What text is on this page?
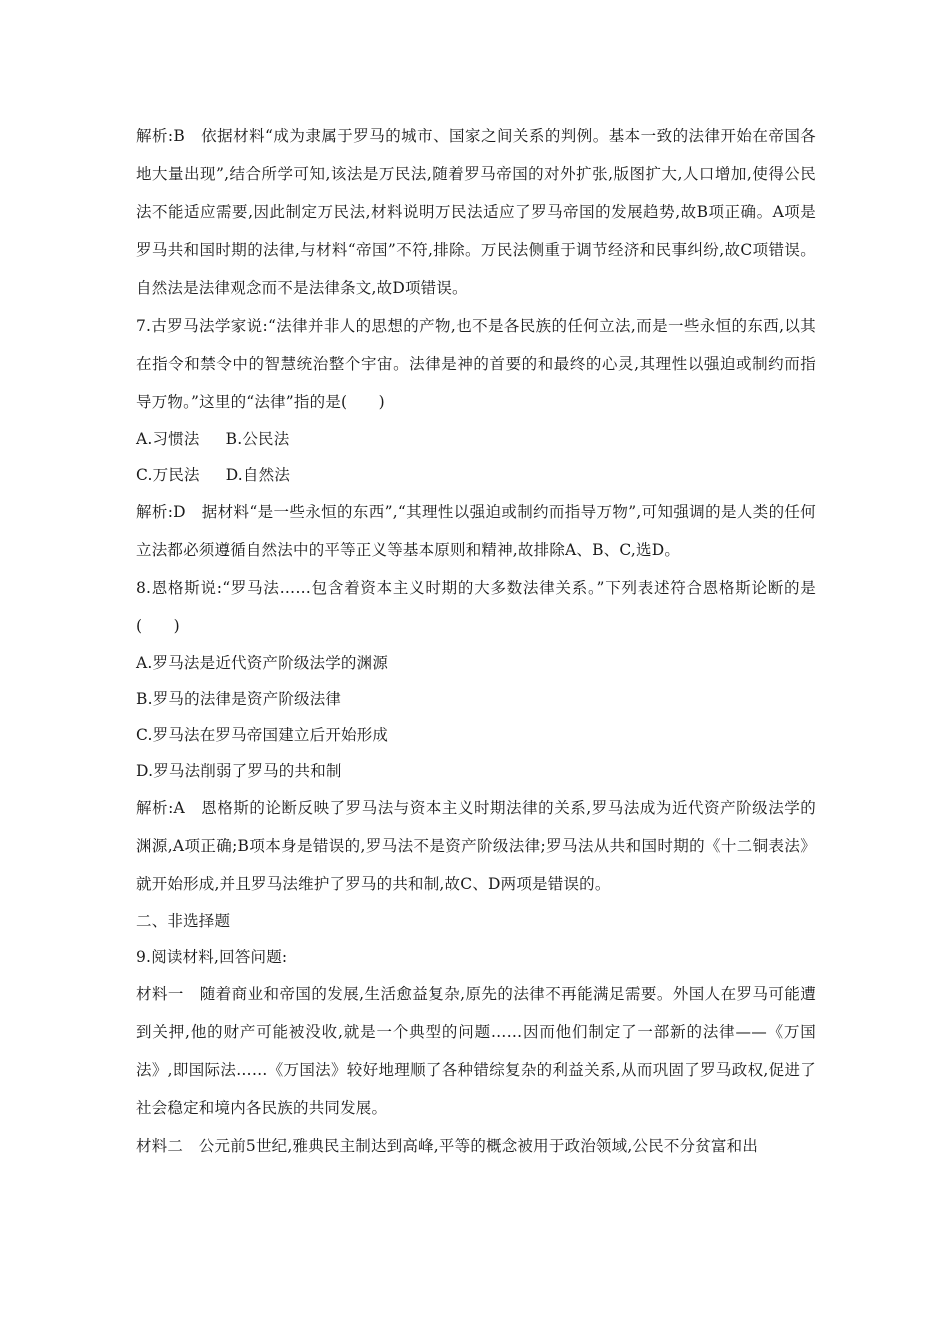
解析:B　依据材料“成为隶属于罗马的城市、国家之间关系的判例。基本一致的法律开始在帝国各地大量出现”,结合所学可知,该法是万民法,随着罗马帝国的对外扩张,版图扩大,人口增加,使得公民法不能适应需要,因此制定万民法,材料说明万民法适应了罗马帝国的发展趋势,故B项正确。A项是罗马共和国时期的法律,与材料“帝国”不符,排除。万民法侧重于调节经济和民事纠纷,故C项错误。自然法是法律观念而不是法律条文,故D项错误。

7.古罗马法学家说:“法律并非人的思想的产物,也不是各民族的任何立法,而是一些永恒的东西,以其在指令和禁令中的智慧统治整个宇宙。法律是神的首要的和最终的心灵,其理性以强迫或制约而指导万物。”这里的“法律”指的是(　　)

A.习惯法 B.公民法
C.万民法 D.自然法

解析:D　据材料“是一些永恒的东西”,“其理性以强迫或制约而指导万物”,可知强调的是人类的任何立法都必须遵循自然法中的平等正义等基本原则和精神,故排除A、B、C,选D。

8.恩格斯说:“罗马法……包含着资本主义时期的大多数法律关系。”下列表述符合恩格斯论断的是(　　)

A.罗马法是近代资产阶级法学的渊源

B.罗马的法律是资产阶级法律

C.罗马法在罗马帝国建立后开始形成

D.罗马法削弱了罗马的共和制

解析:A　恩格斯的论断反映了罗马法与资本主义时期法律的关系,罗马法成为近代资产阶级法学的渊源,A项正确;B项本身是错误的,罗马法不是资产阶级法律;罗马法从共和国时期的《十二铜表法》就开始形成,并且罗马法维护了罗马的共和制,故C、D两项是错误的。

二、非选择题

9.阅读材料,回答问题:

材料一　随着商业和帝国的发展,生活愈益复杂,原先的法律不再能满足需要。外国人在罗马可能遭到关押,他的财产可能被没收,就是一个典型的问题……因而他们制定了一部新的法律——《万国法》,即国际法……《万国法》较好地理顺了各种错综复杂的利益关系,从而巩固了罗马政权,促进了社会稳定和境内各民族的共同发展。

材料二　公元前5世纪,雅典民主制达到高峰,平等的概念被用于政治领域,公民不分贫富和出
